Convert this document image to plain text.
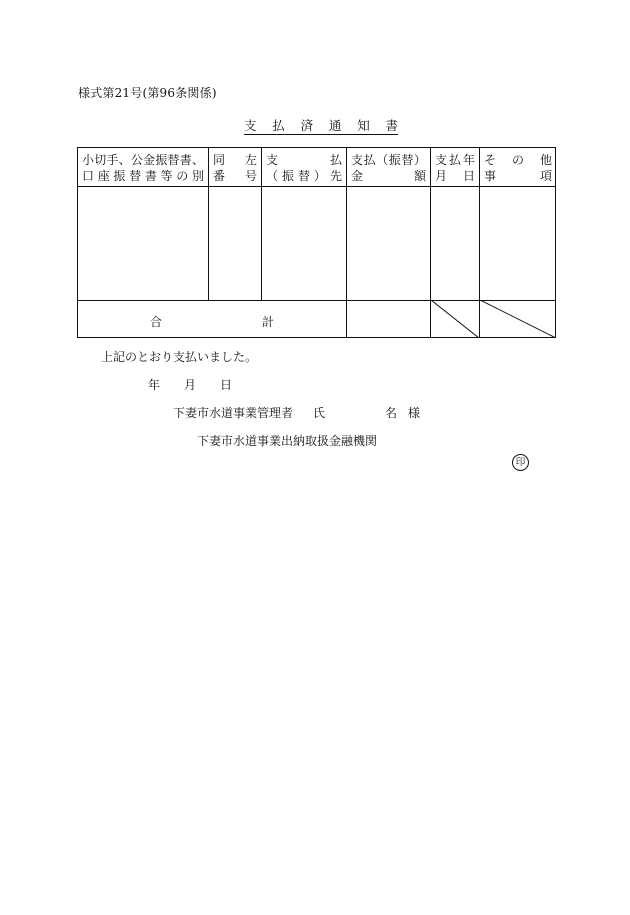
様式第21号(第96条関係)
支払済通知書
小切手、公金振替書、
口座振替書等の別
同左
番号
支払
（振替）先
支払（振替）
金額
支払年
月日
その他
事項
合計
上記のとおり支払いました。
年 月 日
下妻市水道事業管理者 氏	名 様
下妻市水道事業出納取扱金融機関
印
